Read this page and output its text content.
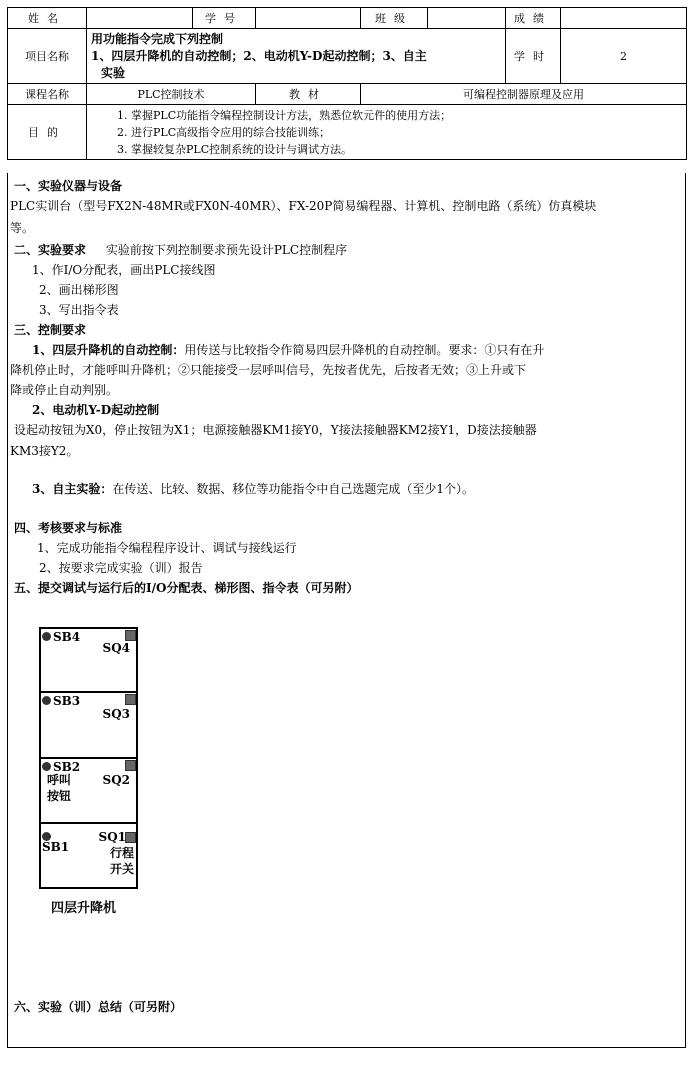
姓名		学号		班级		成绩	
项目名称	用功能指令完成下列控制
1、四层升降机的自动控制；2、电动机Y-D起动控制；3、自主
实验					学时	2
课程名称	PLC控制技术		教材	可编程控制器原理及应用			
目的	1. 掌握PLC功能指令编程控制设计方法，熟悉位软元件的使用方法；
2. 进行PLC高级指令应用的综合技能训练；
3. 掌握较复杂PLC控制系统的设计与调试方法。						
一、实验仪器与设备
PLC实训台（型号FX2N-48MR或FX0N-40MR）、FX-20P简易编程器、计算机、控制电路（系统）仿真模块
等。
二、实验要求 实验前按下列控制要求预先设计PLC控制程序
1、作I/O分配表，画出PLC接线图
2、画出梯形图
3、写出指令表
三、控制要求
1、四层升降机的自动控制：用传送与比较指令作简易四层升降机的自动控制。要求：①只有在升
降机停止时，才能呼叫升降机；②只能接受一层呼叫信号，先按者优先，后按者无效；③上升或下
降或停止自动判别。
2、电动机Y-D起动控制
设起动按钮为X0，停止按钮为X1；电源接触器KM1接Y0，Y接法接触器KM2接Y1，D接法接触器
KM3接Y2。
3、自主实验：在传送、比较、数据、移位等功能指令中自己选题完成（至少1个）。
四、考核要求与标准
1、完成功能指令编程程序设计、调试与接线运行
2、按要求完成实验（训）报告
五、提交调试与运行后的I/O分配表、梯形图、指令表（可另附）
SB4
SQ4
SB3
SQ3
SB2
呼叫
按钮
SQ2
SB1
SQ1
行程
开关
四层升降机
六、实验（训）总结（可另附）
